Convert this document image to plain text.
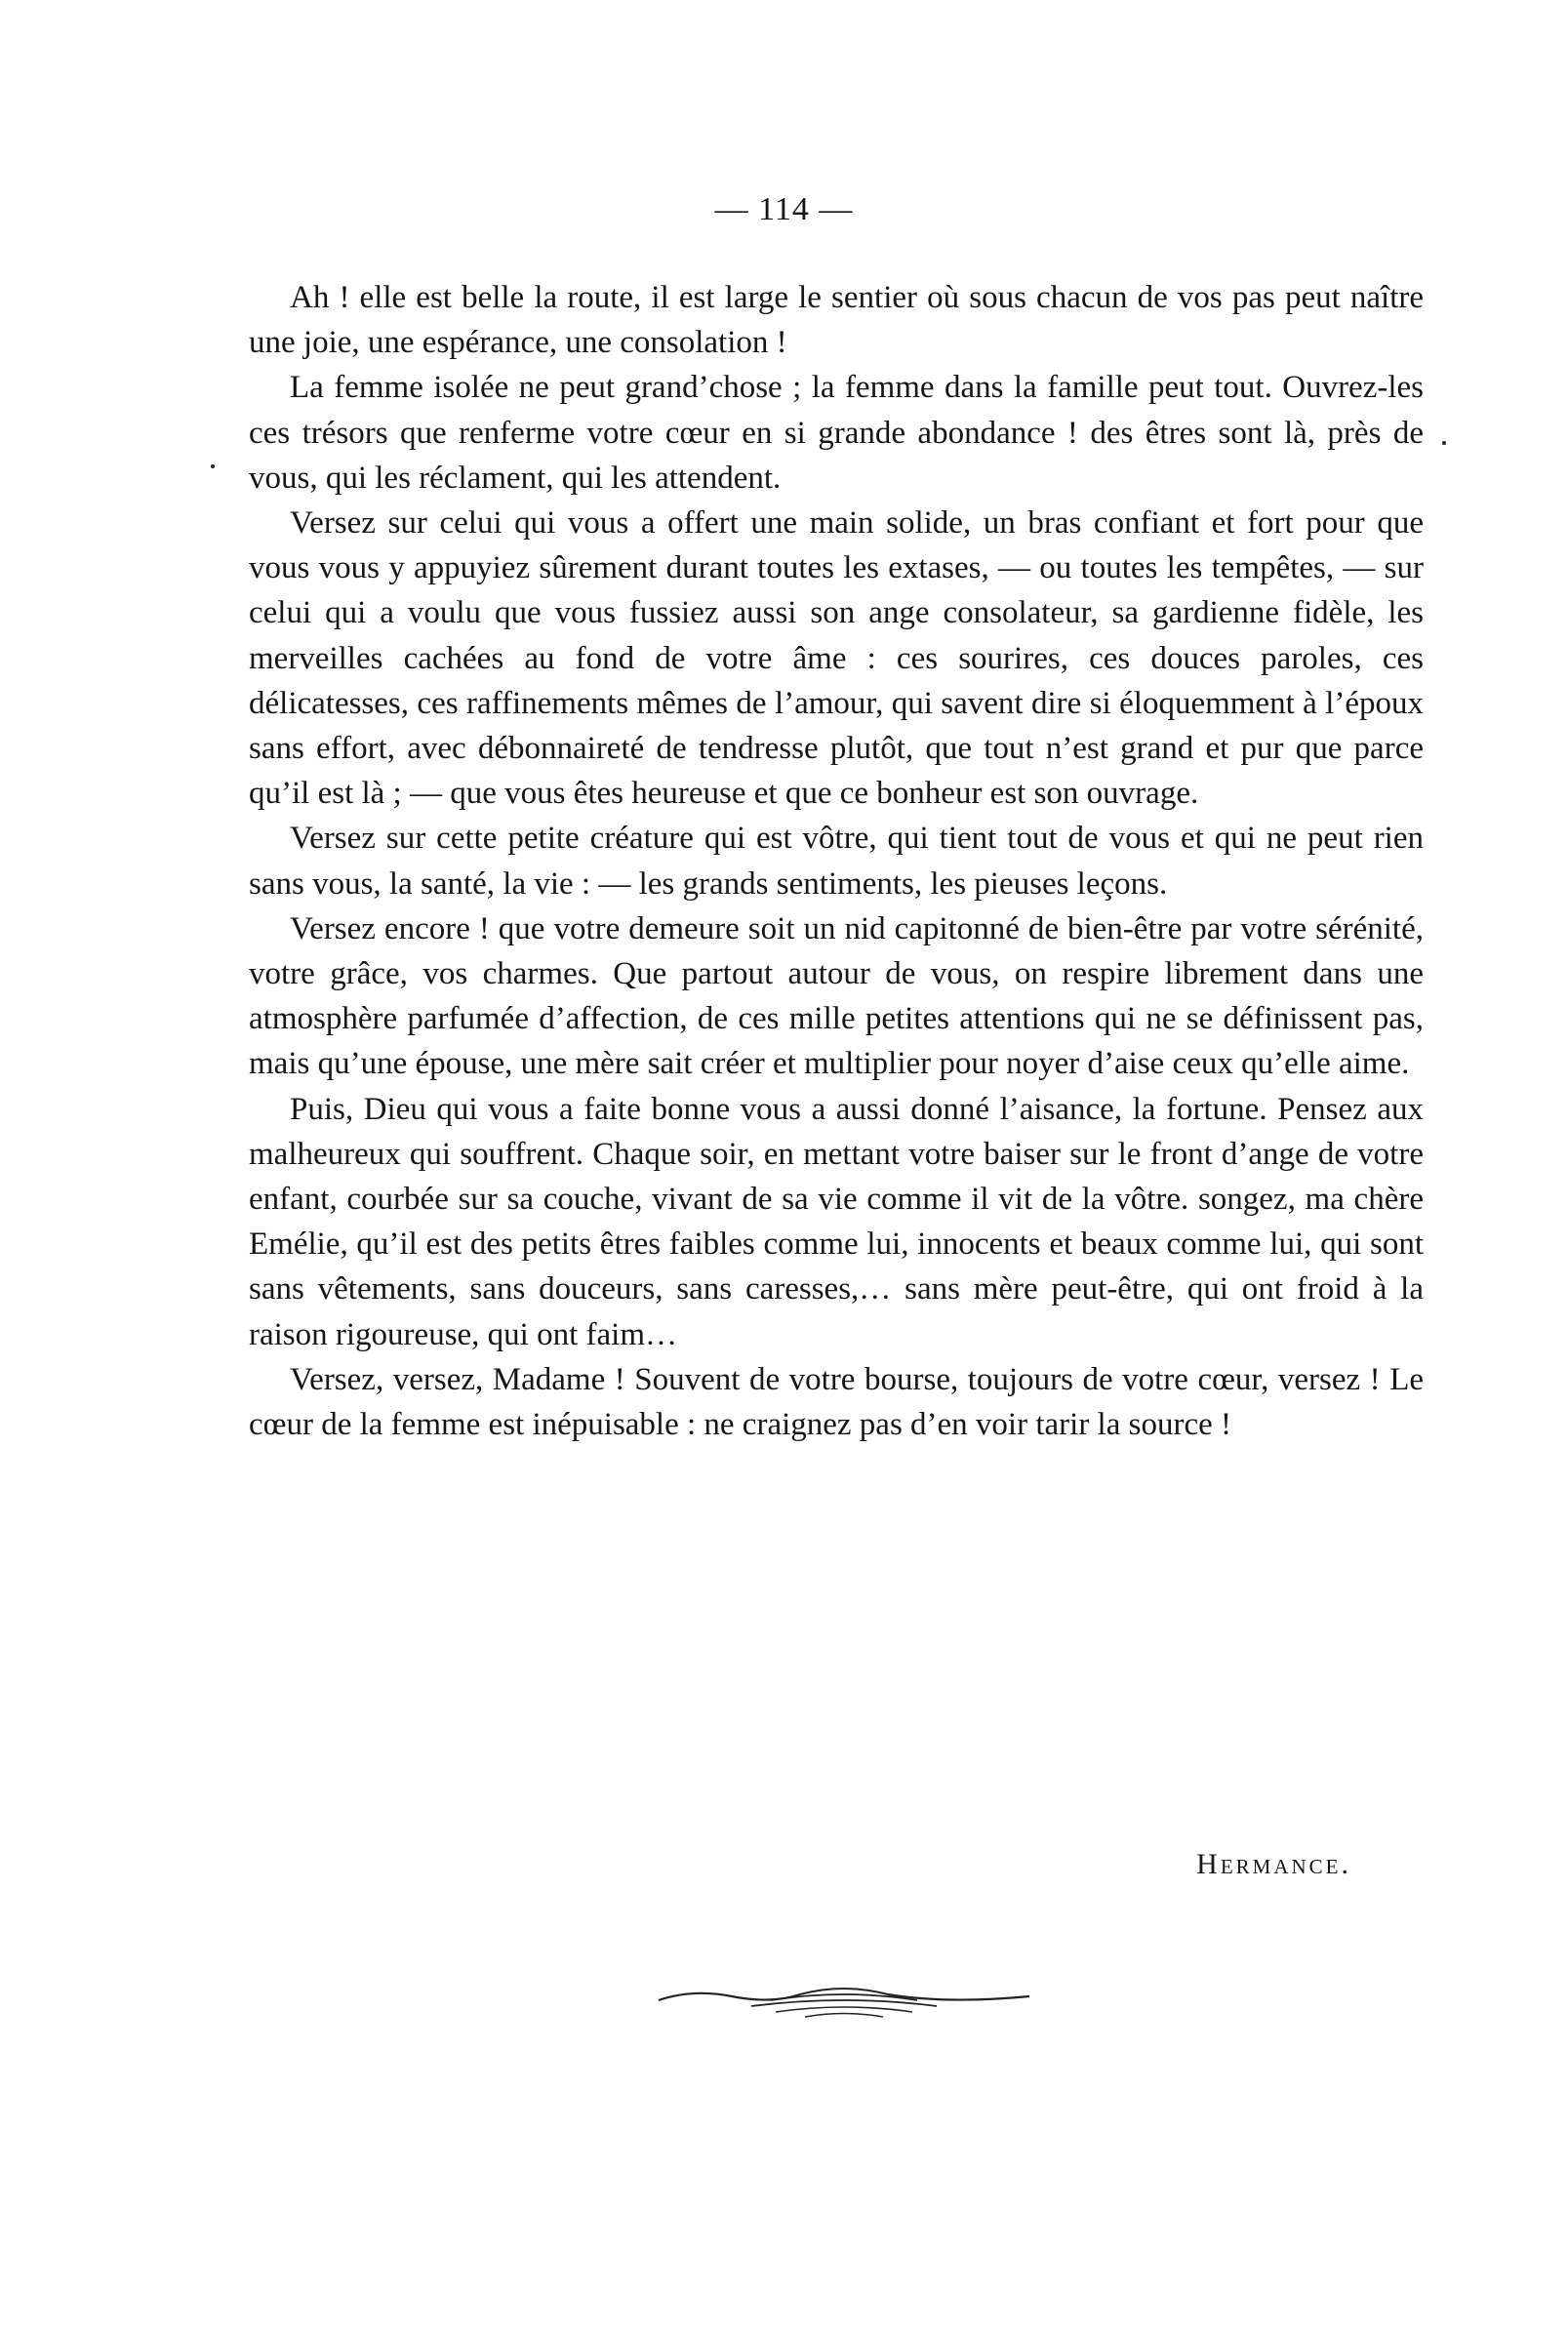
— 114 —

Ah ! elle est belle la route, il est large le sentier où sous chacun de vos pas peut naître une joie, une espérance, une consolation !

La femme isolée ne peut grand’chose ; la femme dans la famille peut tout. Ouvrez-les ces trésors que renferme votre cœur en si grande abondance ! des êtres sont là, près de vous, qui les réclament, qui les attendent.

Versez sur celui qui vous a offert une main solide, un bras confiant et fort pour que vous vous y appuyiez sûrement durant toutes les extases, — ou toutes les tempêtes, — sur celui qui a voulu que vous fussiez aussi son ange consolateur, sa gardienne fidèle, les merveilles cachées au fond de votre âme : ces sourires, ces douces paroles, ces délicatesses, ces raffinements mêmes de l’amour, qui savent dire si éloquemment à l’époux sans effort, avec débonnaireté de tendresse plutôt, que tout n’est grand et pur que parce qu’il est là ; — que vous êtes heureuse et que ce bonheur est son ouvrage.

Versez sur cette petite créature qui est vôtre, qui tient tout de vous et qui ne peut rien sans vous, la santé, la vie : — les grands sentiments, les pieuses leçons.

Versez encore ! que votre demeure soit un nid capitonné de bien-être par votre sérénité, votre grâce, vos charmes. Que partout autour de vous, on respire librement dans une atmosphère parfumée d’affection, de ces mille petites attentions qui ne se définissent pas, mais qu’une épouse, une mère sait créer et multiplier pour noyer d’aise ceux qu’elle aime.

Puis, Dieu qui vous a faite bonne vous a aussi donné l’aisance, la fortune. Pensez aux malheureux qui souffrent. Chaque soir, en mettant votre baiser sur le front d’ange de votre enfant, courbée sur sa couche, vivant de sa vie comme il vit de la vôtre. songez, ma chère Emélie, qu’il est des petits êtres faibles comme lui, innocents et beaux comme lui, qui sont sans vêtements, sans douceurs, sans caresses,… sans mère peut-être, qui ont froid à la raison rigoureuse, qui ont faim…

Versez, versez, Madame ! Souvent de votre bourse, toujours de votre cœur, versez ! Le cœur de la femme est inépuisable : ne craignez pas d’en voir tarir la source !

Hermance.
